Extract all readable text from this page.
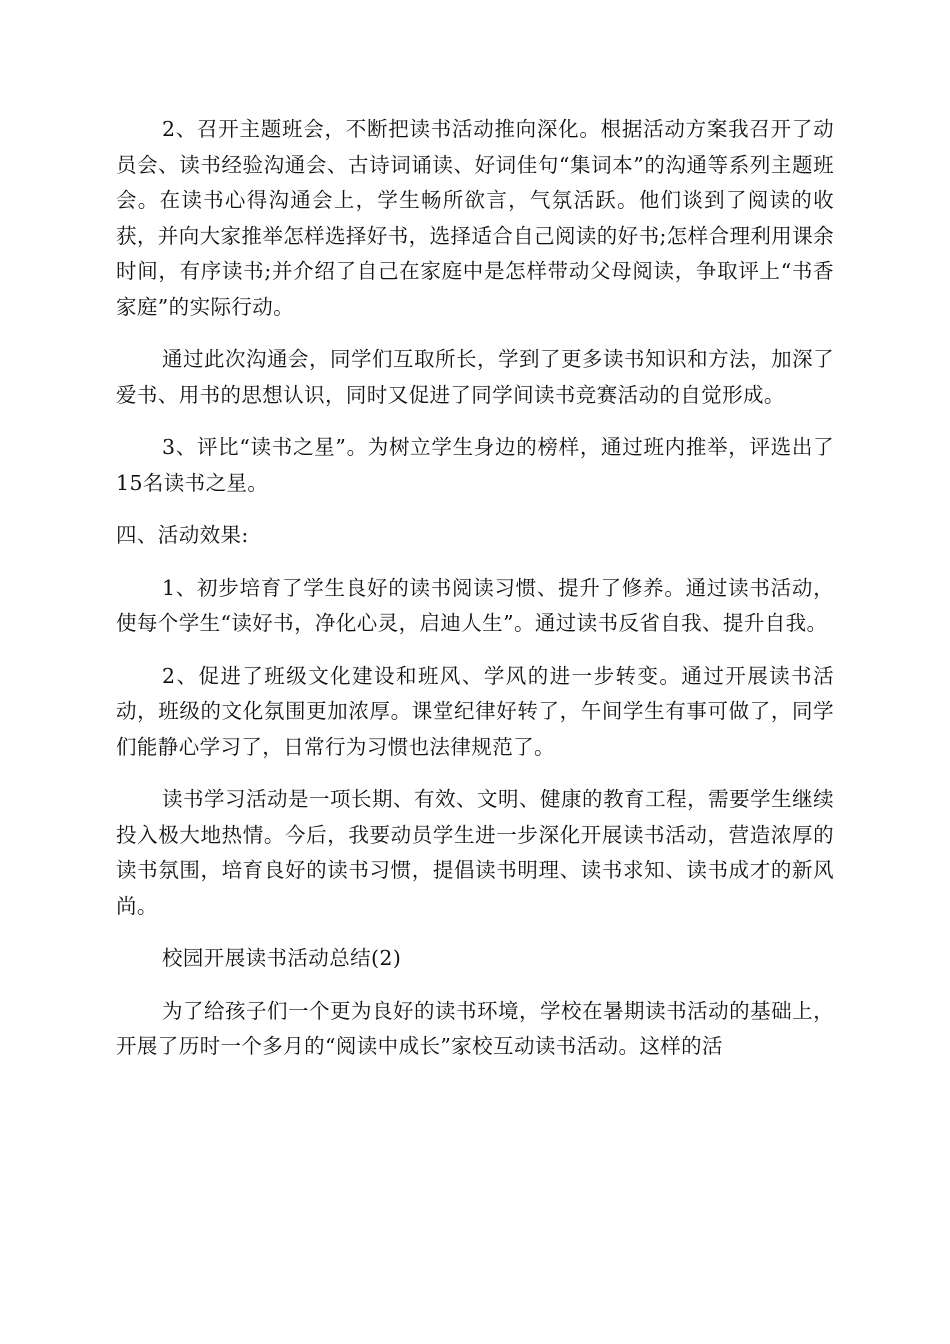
2、召开主题班会，不断把读书活动推向深化。根据活动方案我召开了动员会、读书经验沟通会、古诗词诵读、好词佳句“集词本”的沟通等系列主题班会。在读书心得沟通会上，学生畅所欲言，气氛活跃。他们谈到了阅读的收获，并向大家推举怎样选择好书，选择适合自己阅读的好书;怎样合理利用课余时间，有序读书;并介绍了自己在家庭中是怎样带动父母阅读，争取评上“书香家庭”的实际行动。

通过此次沟通会，同学们互取所长，学到了更多读书知识和方法，加深了爱书、用书的思想认识，同时又促进了同学间读书竞赛活动的自觉形成。

3、评比“读书之星”。为树立学生身边的榜样，通过班内推举，评选出了15名读书之星。

四、活动效果:

1、初步培育了学生良好的读书阅读习惯、提升了修养。通过读书活动，使每个学生“读好书，净化心灵，启迪人生”。通过读书反省自我、提升自我。

2、促进了班级文化建设和班风、学风的进一步转变。通过开展读书活动，班级的文化氛围更加浓厚。课堂纪律好转了，午间学生有事可做了，同学们能静心学习了，日常行为习惯也法律规范了。

读书学习活动是一项长期、有效、文明、健康的教育工程，需要学生继续投入极大地热情。今后，我要动员学生进一步深化开展读书活动，营造浓厚的读书氛围，培育良好的读书习惯，提倡读书明理、读书求知、读书成才的新风尚。

校园开展读书活动总结(2)

为了给孩子们一个更为良好的读书环境，学校在暑期读书活动的基础上，开展了历时一个多月的“阅读中成长”家校互动读书活动。这样的活
